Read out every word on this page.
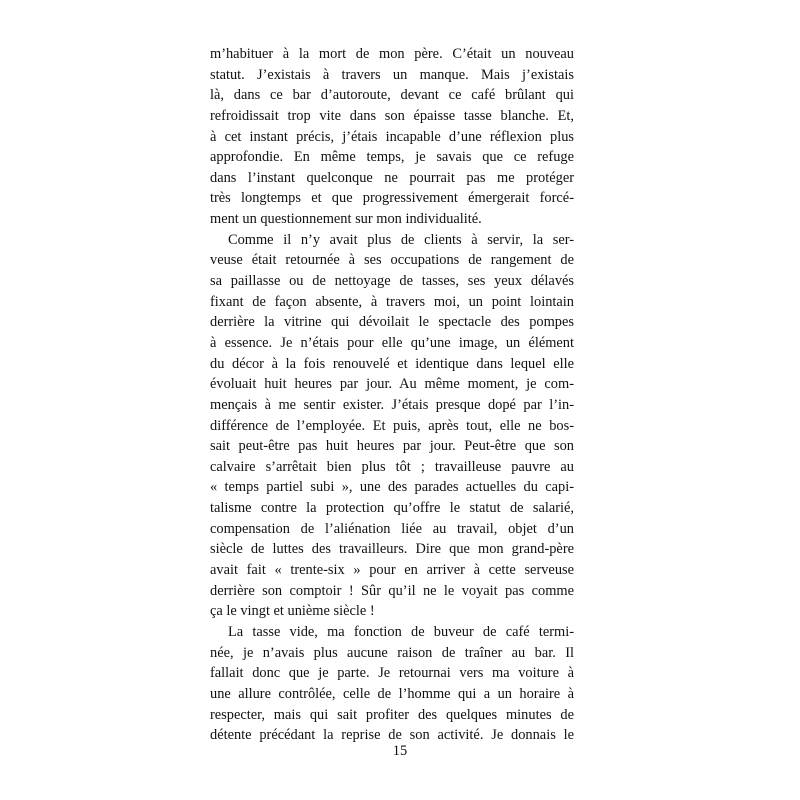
m’habituer à la mort de mon père. C’était un nouveau
statut. J’existais à travers un manque. Mais j’existais
là, dans ce bar d’autoroute, devant ce café brûlant qui
refroidissait trop vite dans son épaisse tasse blanche. Et,
à cet instant précis, j’étais incapable d’une réflexion plus
approfondie. En même temps, je savais que ce refuge
dans l’instant quelconque ne pourrait pas me protéger
très longtemps et que progressivement émergerait forcé-
ment un questionnement sur mon individualité.
Comme il n’y avait plus de clients à servir, la ser-
veuse était retournée à ses occupations de rangement de
sa paillasse ou de nettoyage de tasses, ses yeux délavés
fixant de façon absente, à travers moi, un point lointain
derrière la vitrine qui dévoilait le spectacle des pompes
à essence. Je n’étais pour elle qu’une image, un élément
du décor à la fois renouvelé et identique dans lequel elle
évoluait huit heures par jour. Au même moment, je com-
mençais à me sentir exister. J’étais presque dopé par l’in-
différence de l’employée. Et puis, après tout, elle ne bos-
sait peut-être pas huit heures par jour. Peut-être que son
calvaire s’arrêtait bien plus tôt ; travailleuse pauvre au
« temps partiel subi », une des parades actuelles du capi-
talisme contre la protection qu’offre le statut de salarié,
compensation de l’aliénation liée au travail, objet d’un
siècle de luttes des travailleurs. Dire que mon grand-père
avait fait « trente-six » pour en arriver à cette serveuse
derrière son comptoir ! Sûr qu’il ne le voyait pas comme
ça le vingt et unième siècle !
La tasse vide, ma fonction de buveur de café termi-
née, je n’avais plus aucune raison de traîner au bar. Il
fallait donc que je parte. Je retournai vers ma voiture à
une allure contrôlée, celle de l’homme qui a un horaire à
respecter, mais qui sait profiter des quelques minutes de
détente précédant la reprise de son activité. Je donnais le
15
